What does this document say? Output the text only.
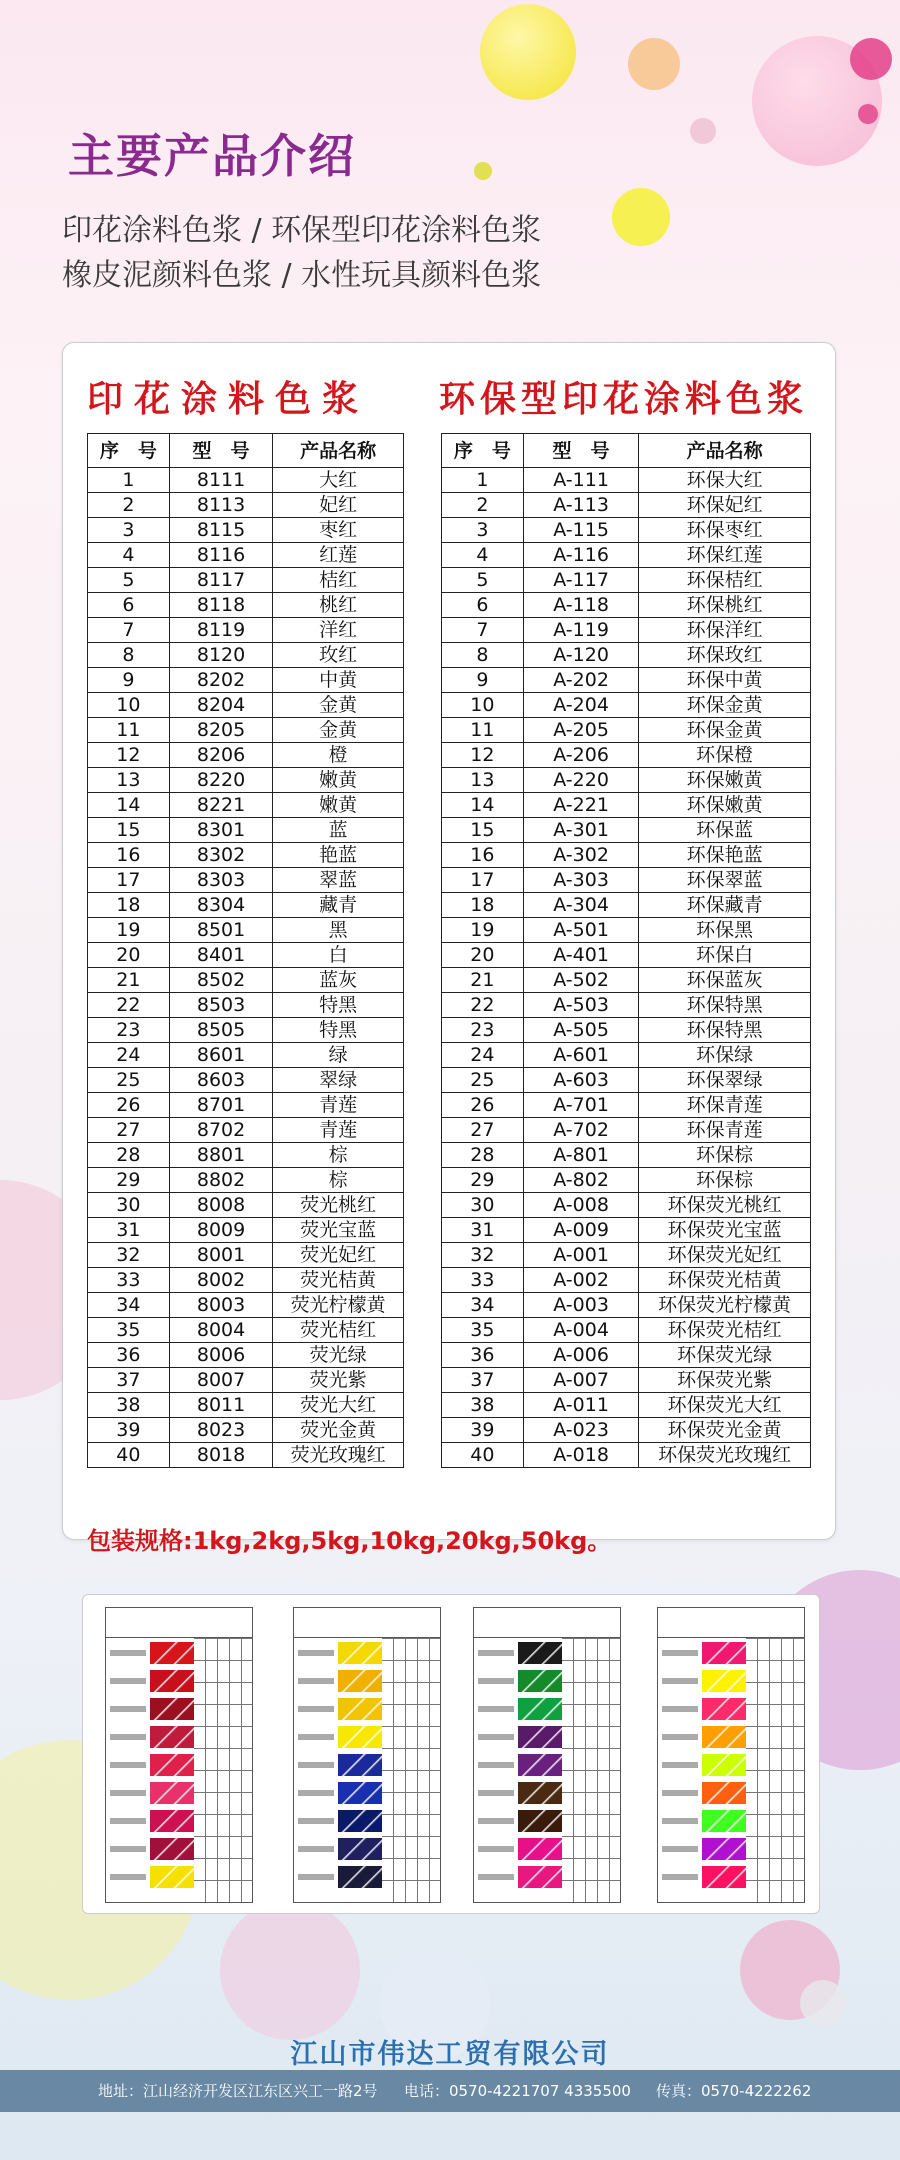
主要产品介绍
印花涂料色浆 / 环保型印花涂料色浆
橡皮泥颜料色浆 / 水性玩具颜料色浆
印花涂料色浆 环保型印花涂料色浆
序　号	型　号	产品名称
1	8111	大红
2	8113	妃红
3	8115	枣红
4	8116	红莲
5	8117	桔红
6	8118	桃红
7	8119	洋红
8	8120	玫红
9	8202	中黄
10	8204	金黄
11	8205	金黄
12	8206	橙
13	8220	嫩黄
14	8221	嫩黄
15	8301	蓝
16	8302	艳蓝
17	8303	翠蓝
18	8304	藏青
19	8501	黑
20	8401	白
21	8502	蓝灰
22	8503	特黑
23	8505	特黑
24	8601	绿
25	8603	翠绿
26	8701	青莲
27	8702	青莲
28	8801	棕
29	8802	棕
30	8008	荧光桃红
31	8009	荧光宝蓝
32	8001	荧光妃红
33	8002	荧光桔黄
34	8003	荧光柠檬黄
35	8004	荧光桔红
36	8006	荧光绿
37	8007	荧光紫
38	8011	荧光大红
39	8023	荧光金黄
40	8018	荧光玫瑰红
序　号	型　号	产品名称
1	A-111	环保大红
2	A-113	环保妃红
3	A-115	环保枣红
4	A-116	环保红莲
5	A-117	环保桔红
6	A-118	环保桃红
7	A-119	环保洋红
8	A-120	环保玫红
9	A-202	环保中黄
10	A-204	环保金黄
11	A-205	环保金黄
12	A-206	环保橙
13	A-220	环保嫩黄
14	A-221	环保嫩黄
15	A-301	环保蓝
16	A-302	环保艳蓝
17	A-303	环保翠蓝
18	A-304	环保藏青
19	A-501	环保黑
20	A-401	环保白
21	A-502	环保蓝灰
22	A-503	环保特黑
23	A-505	环保特黑
24	A-601	环保绿
25	A-603	环保翠绿
26	A-701	环保青莲
27	A-702	环保青莲
28	A-801	环保棕
29	A-802	环保棕
30	A-008	环保荧光桃红
31	A-009	环保荧光宝蓝
32	A-001	环保荧光妃红
33	A-002	环保荧光桔黄
34	A-003	环保荧光柠檬黄
35	A-004	环保荧光桔红
36	A-006	环保荧光绿
37	A-007	环保荧光紫
38	A-011	环保荧光大红
39	A-023	环保荧光金黄
40	A-018	环保荧光玫瑰红
包装规格:1kg,2kg,5kg,10kg,20kg,50kg。
江山市伟达工贸有限公司
地址：江山经济开发区江东区兴工一路2号 电话：0570-4221707 4335500 传真：0570-4222262
